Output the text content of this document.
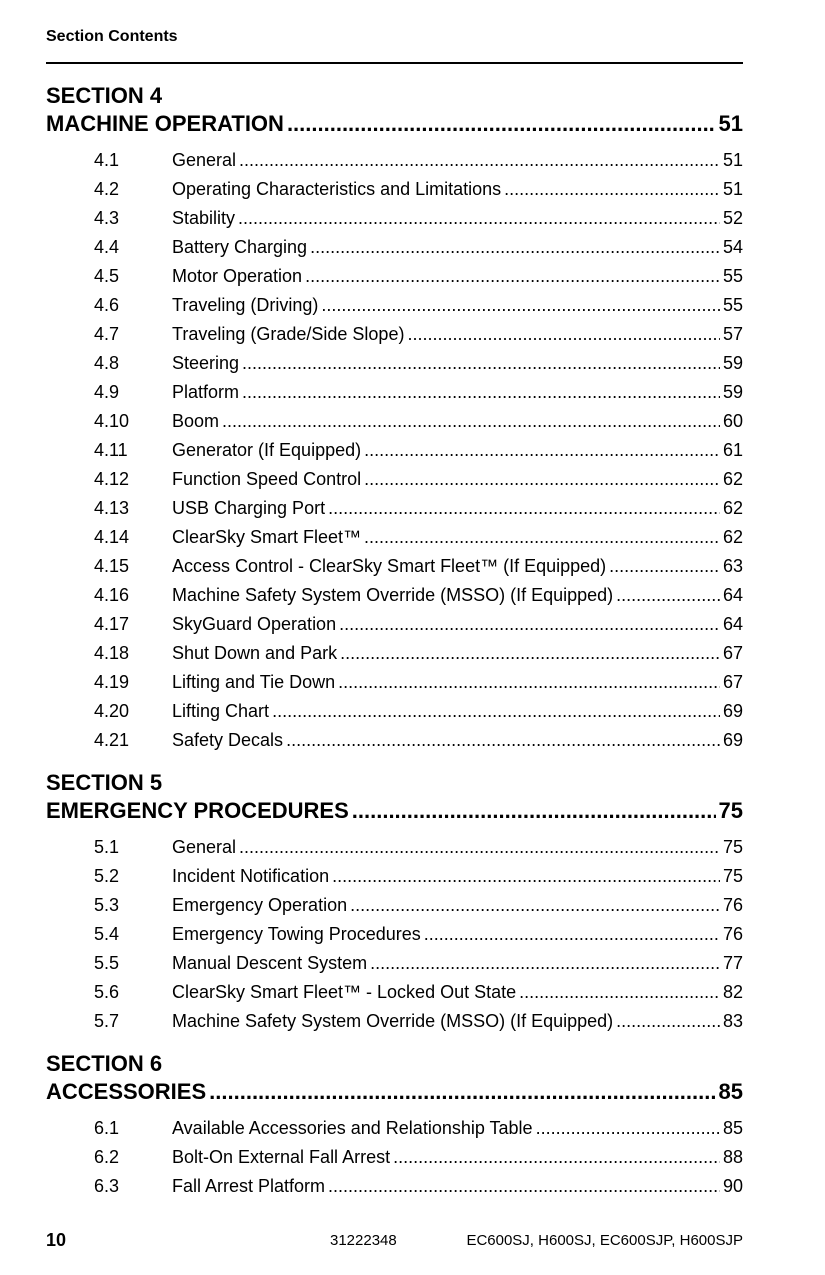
Section Contents
SECTION 4
MACHINE OPERATION .....	51
4.1	General .....	51
4.2	Operating Characteristics and Limitations .....	51
4.3	Stability .....	52
4.4	Battery Charging .....	54
4.5	Motor Operation .....	55
4.6	Traveling (Driving) .....	55
4.7	Traveling (Grade/Side Slope) .....	57
4.8	Steering .....	59
4.9	Platform .....	59
4.10	Boom .....	60
4.11	Generator (If Equipped) .....	61
4.12	Function Speed Control .....	62
4.13	USB Charging Port .....	62
4.14	ClearSky Smart Fleet™ .....	62
4.15	Access Control - ClearSky Smart Fleet™ (If Equipped) .....	63
4.16	Machine Safety System Override (MSSO) (If Equipped) .....	64
4.17	SkyGuard Operation .....	64
4.18	Shut Down and Park .....	67
4.19	Lifting and Tie Down .....	67
4.20	Lifting Chart .....	69
4.21	Safety Decals .....	69
SECTION 5
EMERGENCY PROCEDURES .....	75
5.1	General .....	75
5.2	Incident Notification .....	75
5.3	Emergency Operation .....	76
5.4	Emergency Towing Procedures .....	76
5.5	Manual Descent System .....	77
5.6	ClearSky Smart Fleet™ - Locked Out State .....	82
5.7	Machine Safety System Override (MSSO) (If Equipped) .....	83
SECTION 6
ACCESSORIES .....	85
6.1	Available Accessories and Relationship Table .....	85
6.2	Bolt-On External Fall Arrest .....	88
6.3	Fall Arrest Platform .....	90
10	31222348	EC600SJ, H600SJ, EC600SJP, H600SJP
